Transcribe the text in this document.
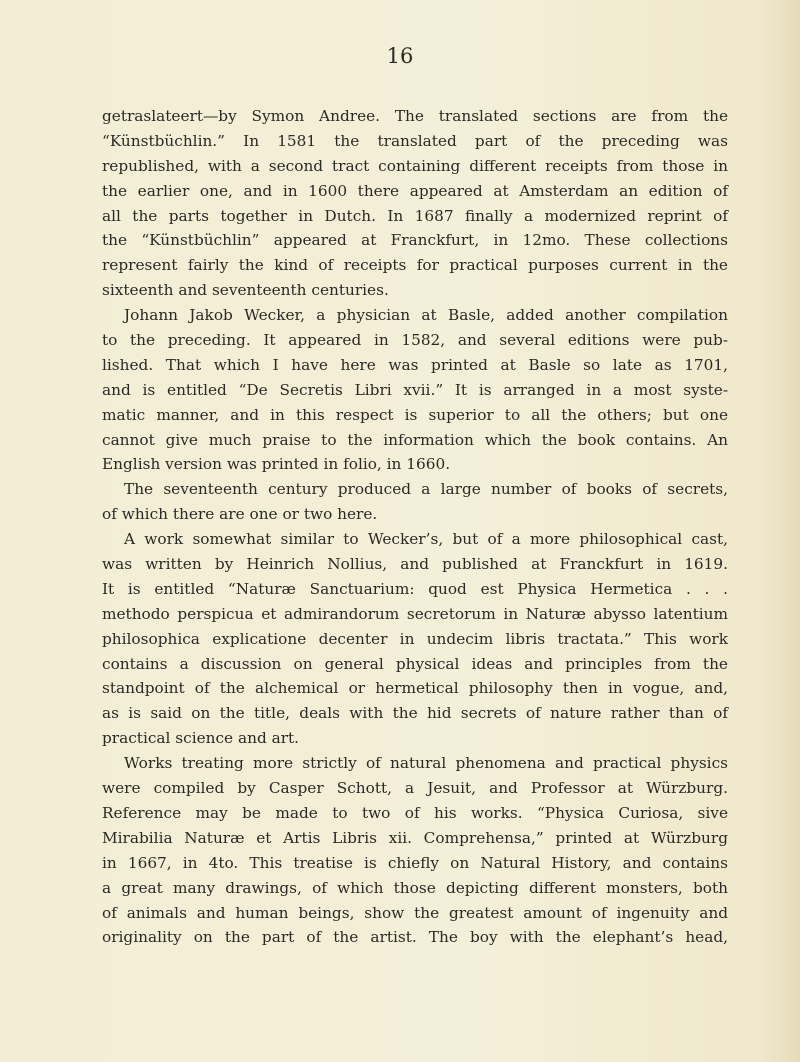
16
getraslateert—by Symon Andree. The translated sections are from the
“Künstbüchlin.” In 1581 the translated part of the preceding was
republished, with a second tract containing different receipts from those in
the earlier one, and in 1600 there appeared at Amsterdam an edition of
all the parts together in Dutch. In 1687 finally a modernized reprint of
the “Künstbüchlin” appeared at Franckfurt, in 12mo. These collections
represent fairly the kind of receipts for practical purposes current in the
sixteenth and seventeenth centuries.
Johann Jakob Wecker, a physician at Basle, added another compilation
to the preceding. It appeared in 1582, and several editions were pub-
lished. That which I have here was printed at Basle so late as 1701,
and is entitled “De Secretis Libri xvii.” It is arranged in a most syste-
matic manner, and in this respect is superior to all the others; but one
cannot give much praise to the information which the book contains. An
English version was printed in folio, in 1660.
The seventeenth century produced a large number of books of secrets,
of which there are one or two here.
A work somewhat similar to Wecker’s, but of a more philosophical cast,
was written by Heinrich Nollius, and published at Franckfurt in 1619.
It is entitled “Naturæ Sanctuarium: quod est Physica Hermetica . . .
methodo perspicua et admirandorum secretorum in Naturæ abysso latentium
philosophica explicatione decenter in undecim libris tractata.” This work
contains a discussion on general physical ideas and principles from the
standpoint of the alchemical or hermetical philosophy then in vogue, and,
as is said on the title, deals with the hid secrets of nature rather than of
practical science and art.
Works treating more strictly of natural phenomena and practical physics
were compiled by Casper Schott, a Jesuit, and Professor at Würzburg.
Reference may be made to two of his works. “Physica Curiosa, sive
Mirabilia Naturæ et Artis Libris xii. Comprehensa,” printed at Würzburg
in 1667, in 4to. This treatise is chiefly on Natural History, and contains
a great many drawings, of which those depicting different monsters, both
of animals and human beings, show the greatest amount of ingenuity and
originality on the part of the artist. The boy with the elephant’s head,
